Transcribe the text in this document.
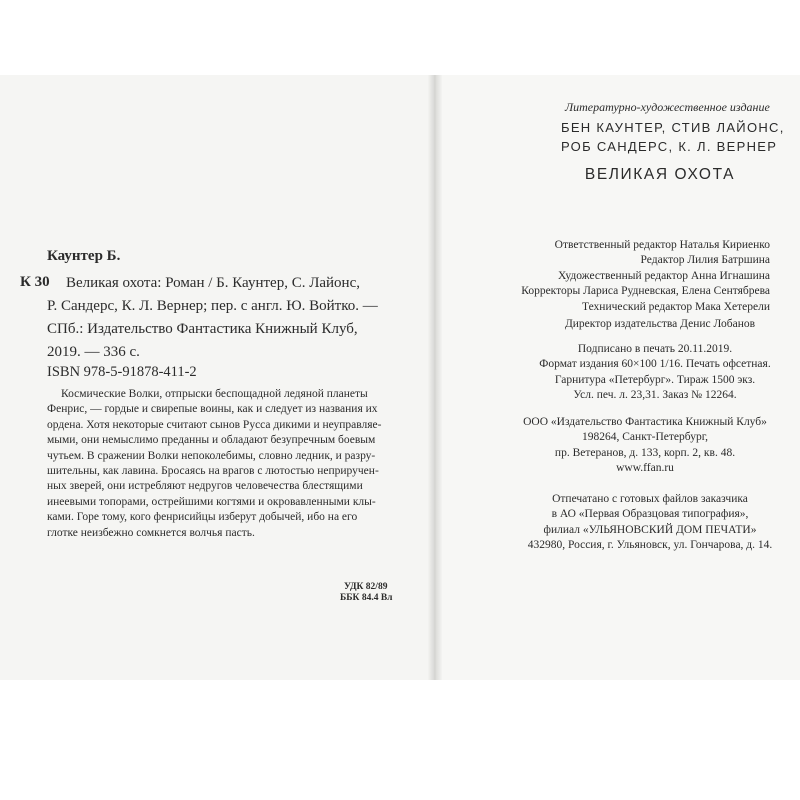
Каунтер Б.
К 30 Великая охота: Роман / Б. Каунтер, С. Лайонс,
Р. Сандерс, К. Л. Вернер; пер. с англ. Ю. Войтко. —
СПб.: Издательство Фантастика Книжный Клуб,
2019. — 336 с.
ISBN 978-5-91878-411-2
Космические Волки, отпрыски беспощадной ледяной планеты
Фенрис, — гордые и свирепые воины, как и следует из названия их
ордена. Хотя некоторые считают сынов Русса дикими и неуправляе-
мыми, они немыслимо преданны и обладают безупречным боевым
чутьем. В сражении Волки непоколебимы, словно ледник, и разру-
шительны, как лавина. Бросаясь на врагов с лютостью неприручен-
ных зверей, они истребляют недругов человечества блестящими
инеевыми топорами, острейшими когтями и окровавленными клы-
ками. Горе тому, кого фенрисийцы изберут добычей, ибо на его
глотке неизбежно сомкнется волчья пасть.
УДК 82/89
ББК 84.4 Вл
Литературно-художественное издание
БЕН КАУНТЕР, СТИВ ЛАЙОНС,
РОБ САНДЕРС, К. Л. ВЕРНЕР
ВЕЛИКАЯ ОХОТА
Ответственный редактор Наталья Кириенко
Редактор Лилия Батршина
Художественный редактор Анна Игнашина
Корректоры Лариса Рудневская, Елена Сентябрева
Технический редактор Мака Хетерели
Директор издательства Денис Лобанов
Подписано в печать 20.11.2019.
Формат издания 60×100 1/16. Печать офсетная.
Гарнитура «Петербург». Тираж 1500 экз.
Усл. печ. л. 23,31. Заказ № 12264.
ООО «Издательство Фантастика Книжный Клуб»
198264, Санкт-Петербург,
пр. Ветеранов, д. 133, корп. 2, кв. 48.
www.ffan.ru
Отпечатано с готовых файлов заказчика
в АО «Первая Образцовая типография»,
филиал «УЛЬЯНОВСКИЙ ДОМ ПЕЧАТИ»
432980, Россия, г. Ульяновск, ул. Гончарова, д. 14.
